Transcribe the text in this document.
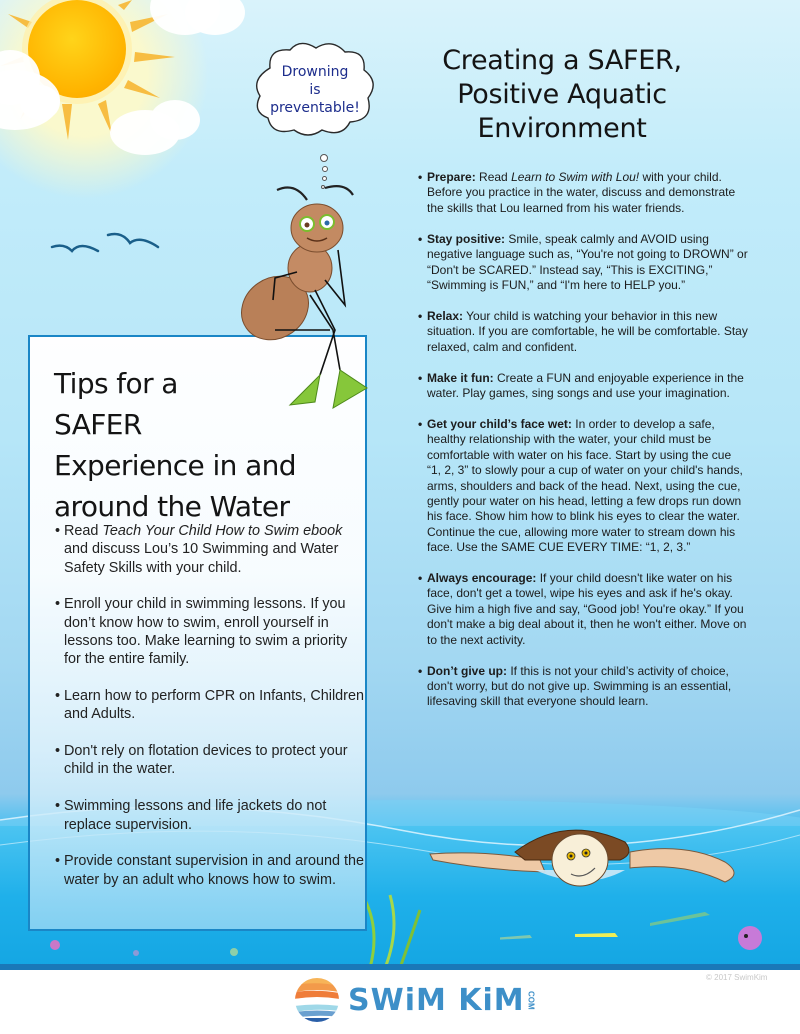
Drowning
is
preventable!
Creating a SAFER,
Positive Aquatic
Environment
• Prepare: Read Learn to Swim with Lou! with your child. Before you practice in the water, discuss and demonstrate the skills that Lou learned from his water friends.
• Stay positive: Smile, speak calmly and AVOID using negative language such as, “You're not going to DROWN” or “Don't be SCARED.” Instead say, “This is EXCITING,” “Swimming is FUN,” and “I'm here to HELP you.”
• Relax: Your child is watching your behavior in this new situation. If you are comfortable, he will be comfortable. Stay relaxed, calm and confident.
• Make it fun: Create a FUN and enjoyable experience in the water. Play games, sing songs and use your imagination.
• Get your child’s face wet: In order to develop a safe, healthy relationship with the water, your child must be comfortable with water on his face. Start by using the cue “1, 2, 3” to slowly pour a cup of water on your child's hands, arms, shoulders and back of the head. Next, using the cue, gently pour water on his head, letting a few drops run down his face. Show him how to blink his eyes to clear the water. Continue the cue, allowing more water to stream down his face. Use the SAME CUE EVERY TIME: “1, 2, 3.”
• Always encourage: If your child doesn't like water on his face, don't get a towel, wipe his eyes and ask if he's okay. Give him a high five and say, “Good job! You're okay.” If you don't make a big deal about it, then he won't either. Move on to the next activity.
• Don’t give up: If this is not your child’s activity of choice, don't worry, but do not give up. Swimming is an essential, lifesaving skill that everyone should learn.
Tips for a
SAFER
Experience in and
around the Water
• Read Teach Your Child How to Swim ebook and discuss Lou’s 10 Swimming and Water Safety Skills with your child.
• Enroll your child in swimming lessons. If you don’t know how to swim, enroll yourself in lessons too. Make learning to swim a priority for the entire family.
• Learn how to perform CPR on Infants, Children and Adults.
• Don't rely on flotation devices to protect your child in the water.
• Swimming lessons and life jackets do not replace supervision.
• Provide constant supervision in and around the water by an adult who knows how to swim.
SWiM KiM COM
© 2017 SwimKim
